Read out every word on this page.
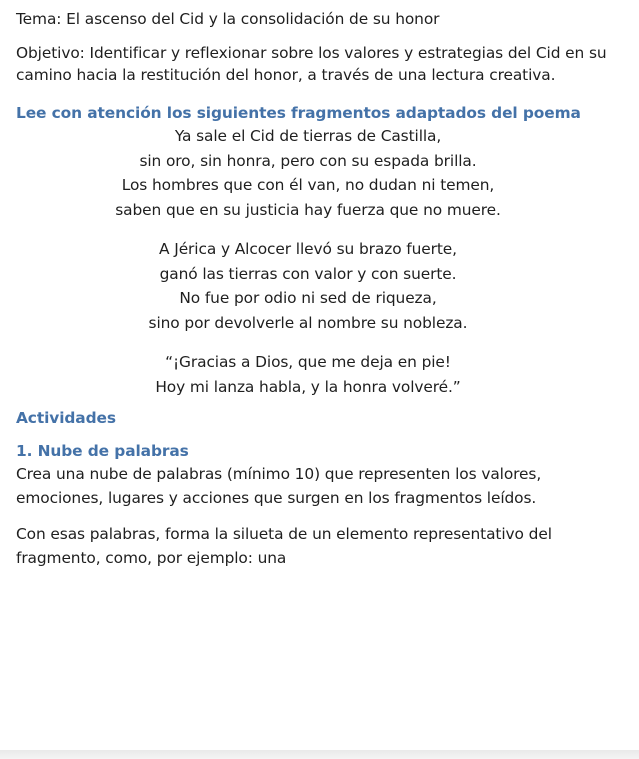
Tema: El ascenso del Cid y la consolidación de su honor

Objetivo: Identificar y reflexionar sobre los valores y estrategias del Cid en su camino hacia la restitución del honor, a través de una lectura creativa.

Lee con atención los siguientes fragmentos adaptados del poema

Ya sale el Cid de tierras de Castilla,
sin oro, sin honra, pero con su espada brilla.
Los hombres que con él van, no dudan ni temen,
saben que en su justicia hay fuerza que no muere.
A Jérica y Alcocer llevó su brazo fuerte,
ganó las tierras con valor y con suerte.
No fue por odio ni sed de riqueza,
sino por devolverle al nombre su nobleza.
“¡Gracias a Dios, que me deja en pie!
Hoy mi lanza habla, y la honra volveré.”

Actividades

1. Nube de palabras

Crea una nube de palabras (mínimo 10) que representen los valores, emociones, lugares y acciones que surgen en los fragmentos leídos.

Con esas palabras, forma la silueta de un elemento representativo del fragmento, como, por ejemplo: una
